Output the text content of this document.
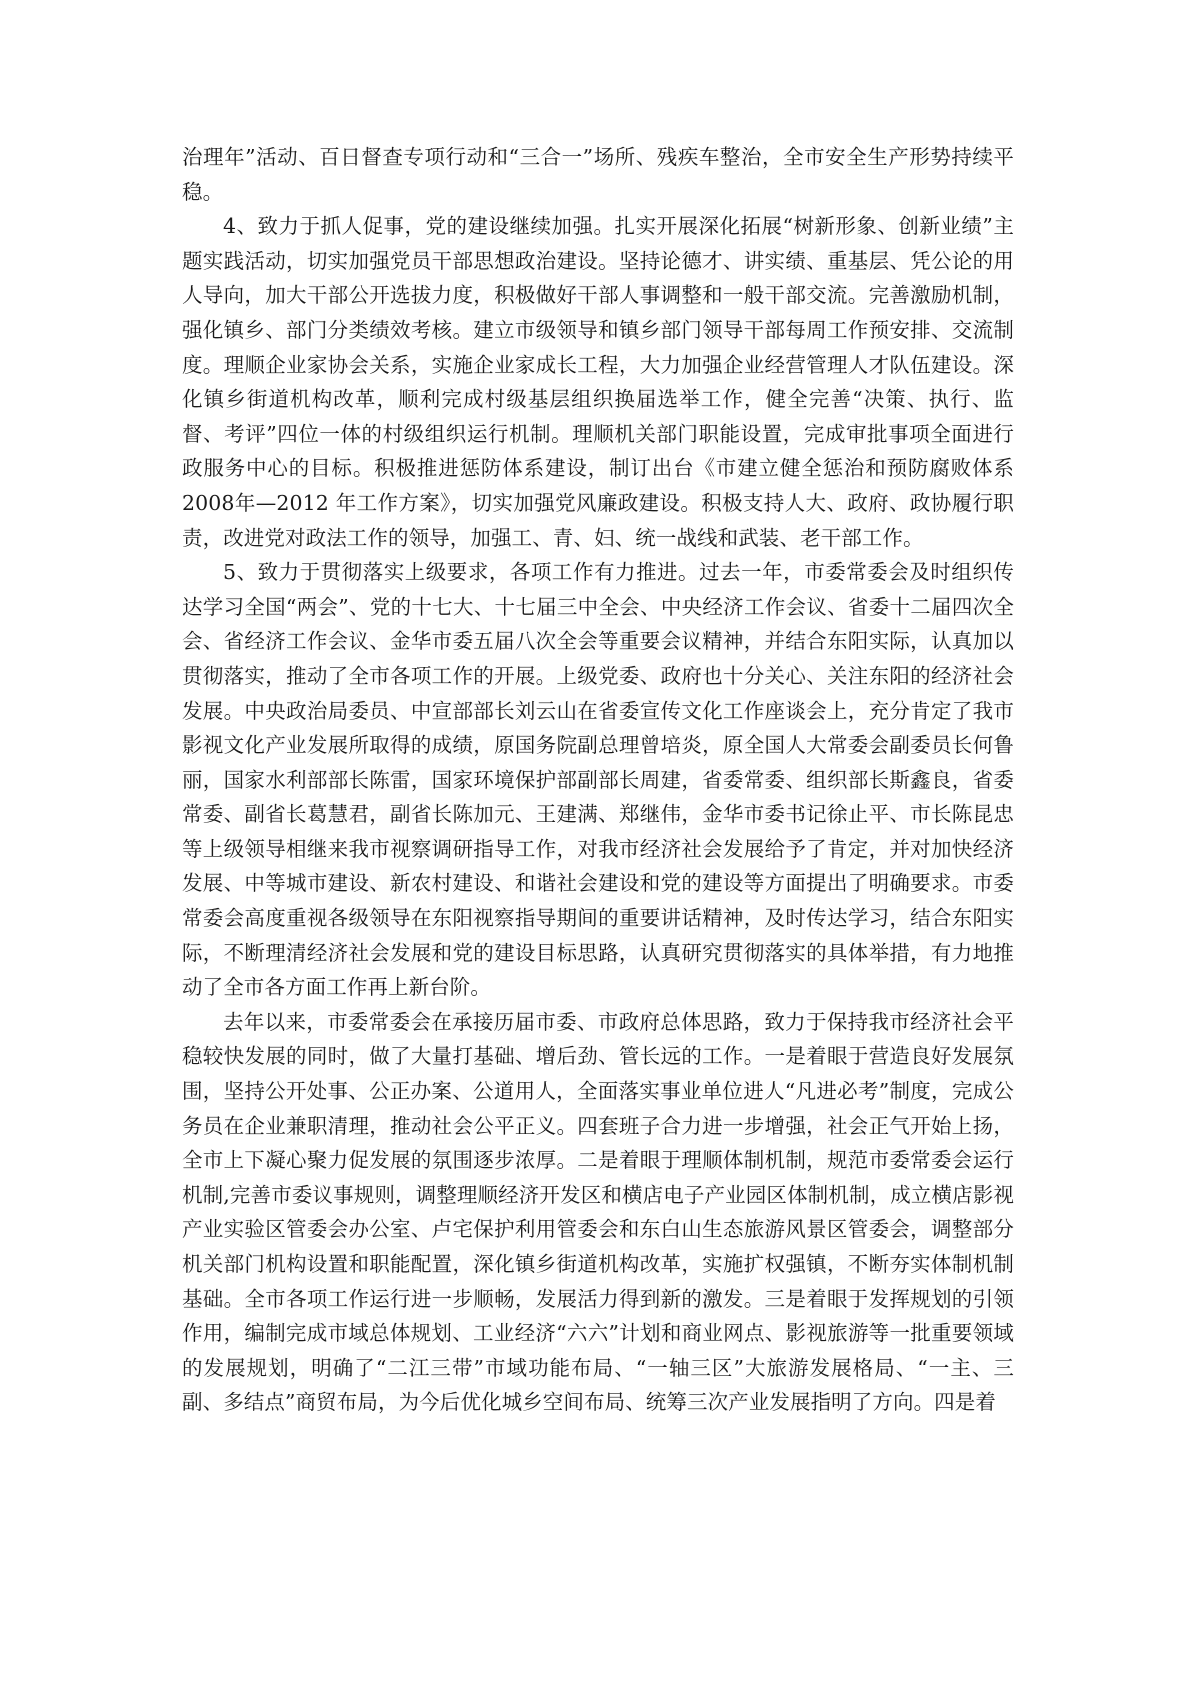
治理年”活动、百日督查专项行动和“三合一”场所、残疾车整治，全市安全生产形势持续平稳。

4、致力于抓人促事，党的建设继续加强。扎实开展深化拓展“树新形象、创新业绩”主题实践活动，切实加强党员干部思想政治建设。坚持论德才、讲实绩、重基层、凭公论的用人导向，加大干部公开选拔力度，积极做好干部人事调整和一般干部交流。完善激励机制，强化镇乡、部门分类绩效考核。建立市级领导和镇乡部门领导干部每周工作预安排、交流制度。理顺企业家协会关系，实施企业家成长工程，大力加强企业经营管理人才队伍建设。深化镇乡街道机构改革，顺利完成村级基层组织换届选举工作，健全完善“决策、执行、监督、考评”四位一体的村级组织运行机制。理顺机关部门职能设置，完成审批事项全面进行政服务中心的目标。积极推进惩防体系建设，制订出台《市建立健全惩治和预防腐败体系2008年—2012 年工作方案》，切实加强党风廉政建设。积极支持人大、政府、政协履行职责，改进党对政法工作的领导，加强工、青、妇、统一战线和武装、老干部工作。

5、致力于贯彻落实上级要求，各项工作有力推进。过去一年，市委常委会及时组织传达学习全国“两会”、党的十七大、十七届三中全会、中央经济工作会议、省委十二届四次全会、省经济工作会议、金华市委五届八次全会等重要会议精神，并结合东阳实际，认真加以贯彻落实，推动了全市各项工作的开展。上级党委、政府也十分关心、关注东阳的经济社会发展。中央政治局委员、中宣部部长刘云山在省委宣传文化工作座谈会上，充分肯定了我市影视文化产业发展所取得的成绩，原国务院副总理曾培炎，原全国人大常委会副委员长何鲁丽，国家水利部部长陈雷，国家环境保护部副部长周建，省委常委、组织部长斯鑫良，省委常委、副省长葛慧君，副省长陈加元、王建满、郑继伟，金华市委书记徐止平、市长陈昆忠等上级领导相继来我市视察调研指导工作，对我市经济社会发展给予了肯定，并对加快经济发展、中等城市建设、新农村建设、和谐社会建设和党的建设等方面提出了明确要求。市委常委会高度重视各级领导在东阳视察指导期间的重要讲话精神，及时传达学习，结合东阳实际，不断理清经济社会发展和党的建设目标思路，认真研究贯彻落实的具体举措，有力地推动了全市各方面工作再上新台阶。

去年以来，市委常委会在承接历届市委、市政府总体思路，致力于保持我市经济社会平稳较快发展的同时，做了大量打基础、增后劲、管长远的工作。一是着眼于营造良好发展氛围，坚持公开处事、公正办案、公道用人，全面落实事业单位进人“凡进必考”制度，完成公务员在企业兼职清理，推动社会公平正义。四套班子合力进一步增强，社会正气开始上扬，全市上下凝心聚力促发展的氛围逐步浓厚。二是着眼于理顺体制机制，规范市委常委会运行机制,完善市委议事规则，调整理顺经济开发区和横店电子产业园区体制机制，成立横店影视产业实验区管委会办公室、卢宅保护利用管委会和东白山生态旅游风景区管委会，调整部分机关部门机构设置和职能配置，深化镇乡街道机构改革，实施扩权强镇，不断夯实体制机制基础。全市各项工作运行进一步顺畅，发展活力得到新的激发。三是着眼于发挥规划的引领作用，编制完成市域总体规划、工业经济“六六”计划和商业网点、影视旅游等一批重要领域的发展规划，明确了“二江三带”市域功能布局、“一轴三区”大旅游发展格局、“一主、三副、多结点”商贸布局，为今后优化城乡空间布局、统筹三次产业发展指明了方向。四是着
